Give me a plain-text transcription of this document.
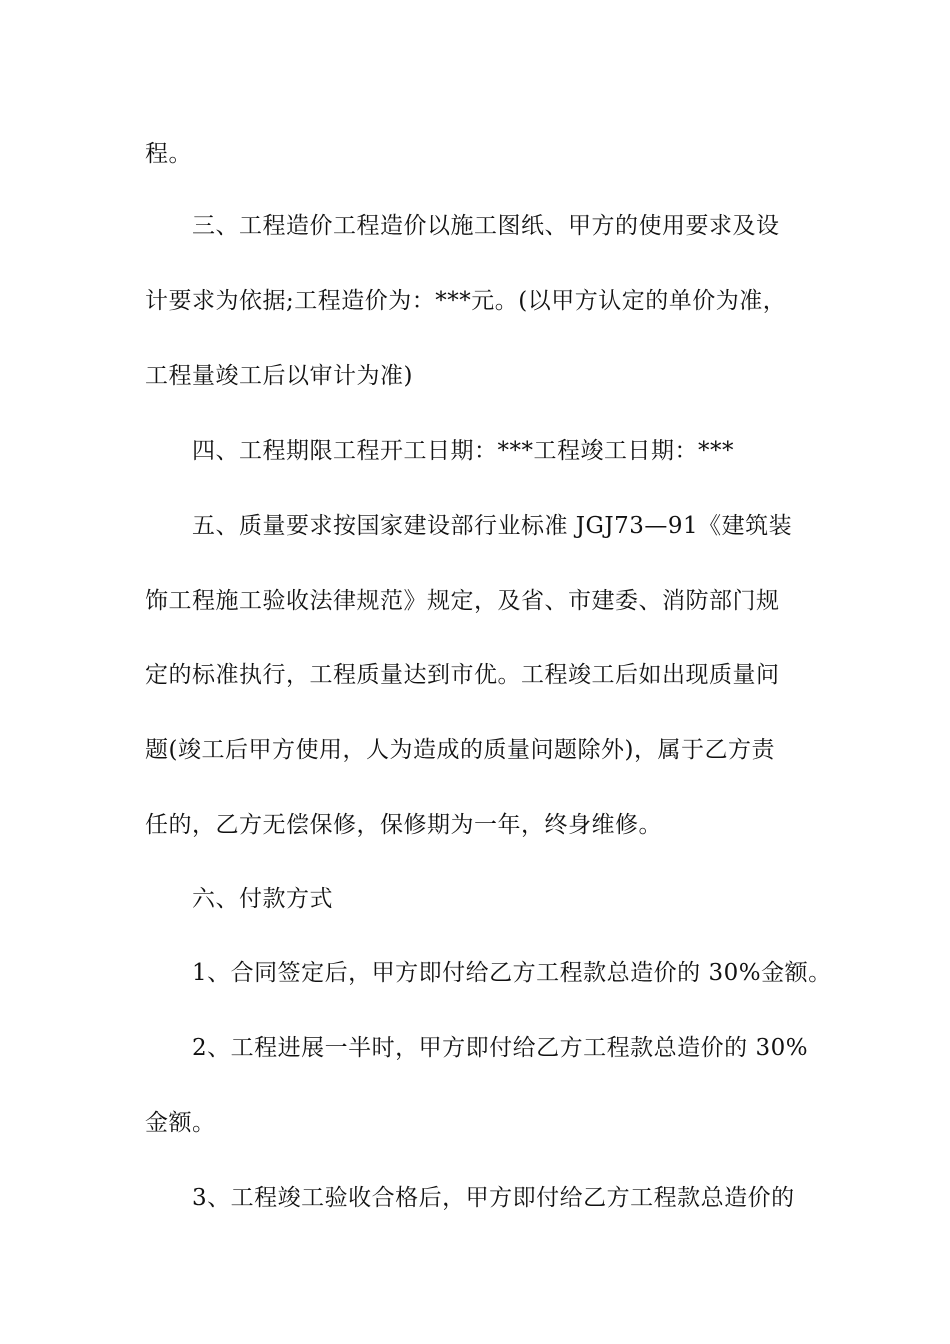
程。
三、工程造价工程造价以施工图纸、甲方的使用要求及设
计要求为依据;工程造价为：***元。(以甲方认定的单价为准，
工程量竣工后以审计为准)
四、工程期限工程开工日期：***工程竣工日期：***
五、质量要求按国家建设部行业标准 JGJ73—91《建筑装
饰工程施工验收法律规范》规定，及省、市建委、消防部门规
定的标准执行，工程质量达到市优。工程竣工后如出现质量问
题(竣工后甲方使用，人为造成的质量问题除外)，属于乙方责
任的，乙方无偿保修，保修期为一年，终身维修。
六、付款方式
1、合同签定后，甲方即付给乙方工程款总造价的 30%金额。
2、工程进展一半时，甲方即付给乙方工程款总造价的 30%
金额。
3、工程竣工验收合格后，甲方即付给乙方工程款总造价的
